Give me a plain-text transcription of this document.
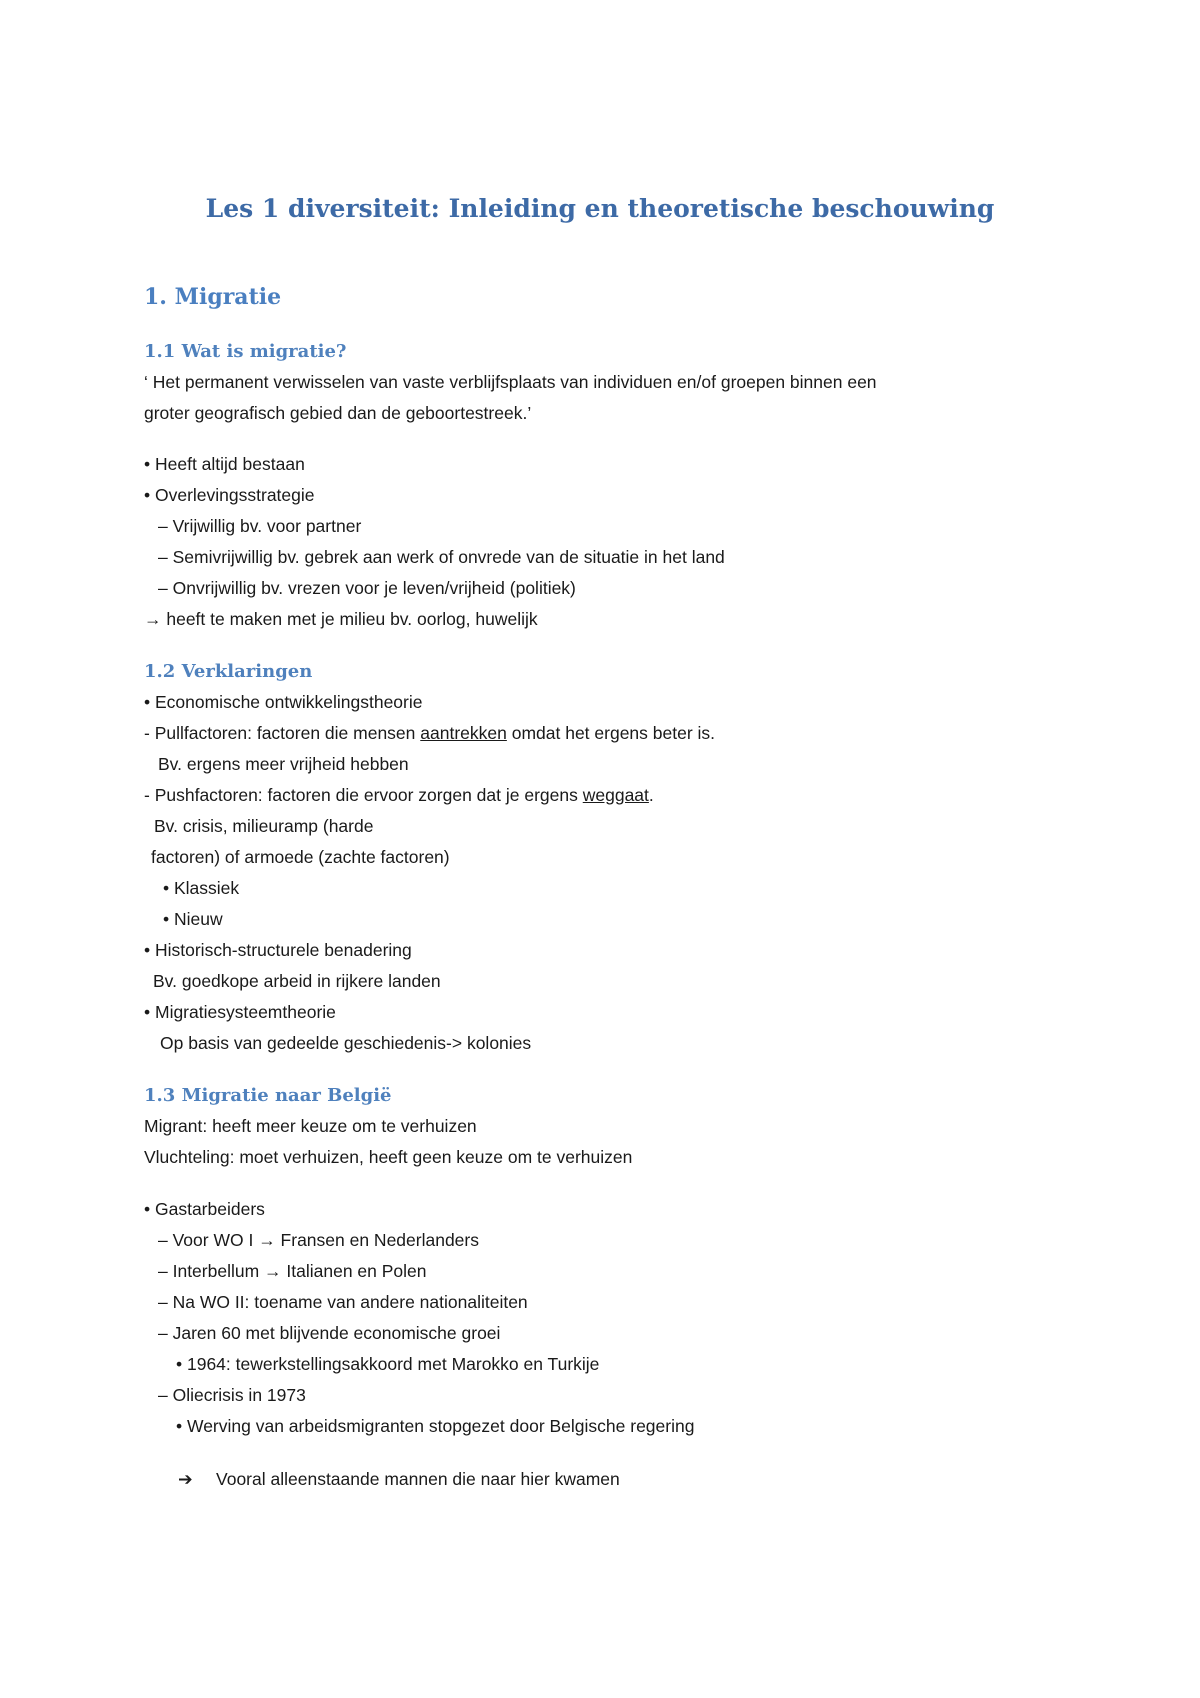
Les 1 diversiteit: Inleiding en theoretische beschouwing
1. Migratie
1.1 Wat is migratie?

‘ Het permanent verwisselen van vaste verblijfsplaats van individuen en/of groepen binnen een

groter geografisch gebied dan de geboortestreek.’

• Heeft altijd bestaan

• Overlevingsstrategie

– Vrijwillig bv. voor partner

– Semivrijwillig bv. gebrek aan werk of onvrede van de situatie in het land

– Onvrijwillig bv. vrezen voor je leven/vrijheid (politiek)

→ heeft te maken met je milieu bv. oorlog, huwelijk

1.2 Verklaringen

• Economische ontwikkelingstheorie

- Pullfactoren: factoren die mensen aantrekken omdat het ergens beter is.

Bv. ergens meer vrijheid hebben

- Pushfactoren: factoren die ervoor zorgen dat je ergens weggaat.

Bv. crisis, milieuramp (harde

factoren) of armoede (zachte factoren)

• Klassiek

• Nieuw

• Historisch-structurele benadering

Bv. goedkope arbeid in rijkere landen

• Migratiesysteemtheorie

Op basis van gedeelde geschiedenis-> kolonies

1.3 Migratie naar België

Migrant: heeft meer keuze om te verhuizen

Vluchteling: moet verhuizen, heeft geen keuze om te verhuizen

• Gastarbeiders

– Voor WO I → Fransen en Nederlanders

– Interbellum → Italianen en Polen

– Na WO II: toename van andere nationaliteiten

– Jaren 60 met blijvende economische groei

• 1964: tewerkstellingsakkoord met Marokko en Turkije

– Oliecrisis in 1973

• Werving van arbeidsmigranten stopgezet door Belgische regering

➔ Vooral alleenstaande mannen die naar hier kwamen
